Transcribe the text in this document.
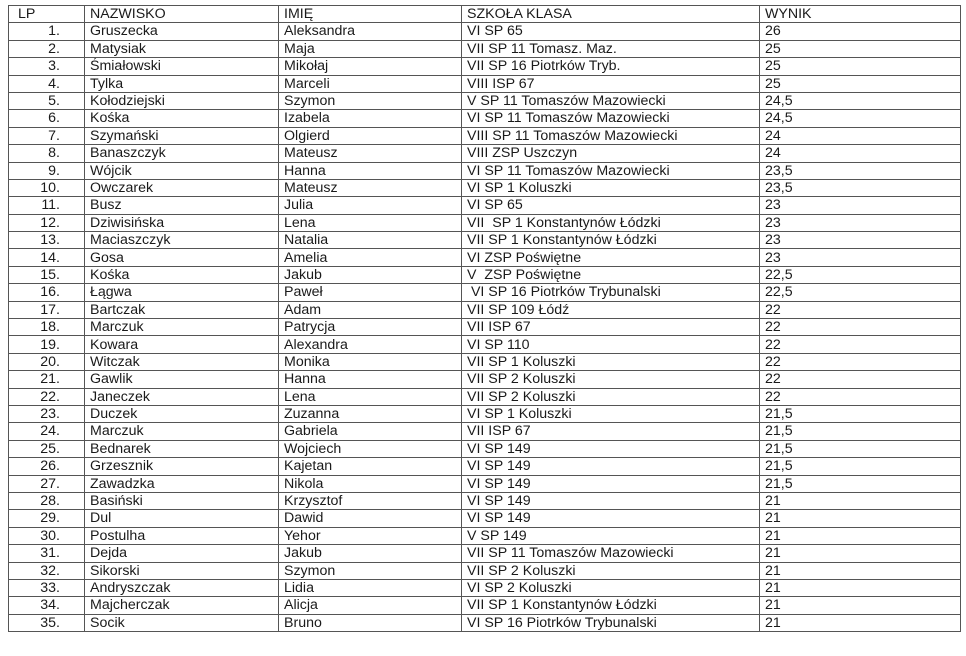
LP	NAZWISKO	IMIĘ	SZKOŁA KLASA	WYNIK
1.	Gruszecka	Aleksandra	VI SP 65	26
2.	Matysiak	Maja	VII SP 11 Tomasz. Maz.	25
3.	Śmiałowski	Mikołaj	VII SP 16 Piotrków Tryb.	25
4.	Tylka	Marceli	VIII ISP 67	25
5.	Kołodziejski	Szymon	V SP 11 Tomaszów Mazowiecki	24,5
6.	Kośka	Izabela	VI SP 11 Tomaszów Mazowiecki	24,5
7.	Szymański	Olgierd	VIII SP 11 Tomaszów Mazowiecki	24
8.	Banaszczyk	Mateusz	VIII ZSP Uszczyn	24
9.	Wójcik	Hanna	VI SP 11 Tomaszów Mazowiecki	23,5
10.	Owczarek	Mateusz	VI SP 1 Koluszki	23,5
11.	Busz	Julia	VI SP 65	23
12.	Dziwisińska	Lena	VII  SP 1 Konstantynów Łódzki	23
13.	Maciaszczyk	Natalia	VII SP 1 Konstantynów Łódzki	23
14.	Gosa	Amelia	VI ZSP Poświętne	23
15.	Kośka	Jakub	V  ZSP Poświętne	22,5
16.	Łągwa	Paweł	VI SP 16 Piotrków Trybunalski	22,5
17.	Bartczak	Adam	VII SP 109 Łódź	22
18.	Marczuk	Patrycja	VII ISP 67	22
19.	Kowara	Alexandra	VI SP 110	22
20.	Witczak	Monika	VII SP 1 Koluszki	22
21.	Gawlik	Hanna	VII SP 2 Koluszki	22
22.	Janeczek	Lena	VII SP 2 Koluszki	22
23.	Duczek	Zuzanna	VI SP 1 Koluszki	21,5
24.	Marczuk	Gabriela	VII ISP 67	21,5
25.	Bednarek	Wojciech	VI SP 149	21,5
26.	Grzesznik	Kajetan	VI SP 149	21,5
27.	Zawadzka	Nikola	VI SP 149	21,5
28.	Basiński	Krzysztof	VI SP 149	21
29.	Dul	Dawid	VI SP 149	21
30.	Postulha	Yehor	V SP 149	21
31.	Dejda	Jakub	VII SP 11 Tomaszów Mazowiecki	21
32.	Sikorski	Szymon	VII SP 2 Koluszki	21
33.	Andryszczak	Lidia	VI SP 2 Koluszki	21
34.	Majcherczak	Alicja	VII SP 1 Konstantynów Łódzki	21
35.	Socik	Bruno	VI SP 16 Piotrków Trybunalski	21
